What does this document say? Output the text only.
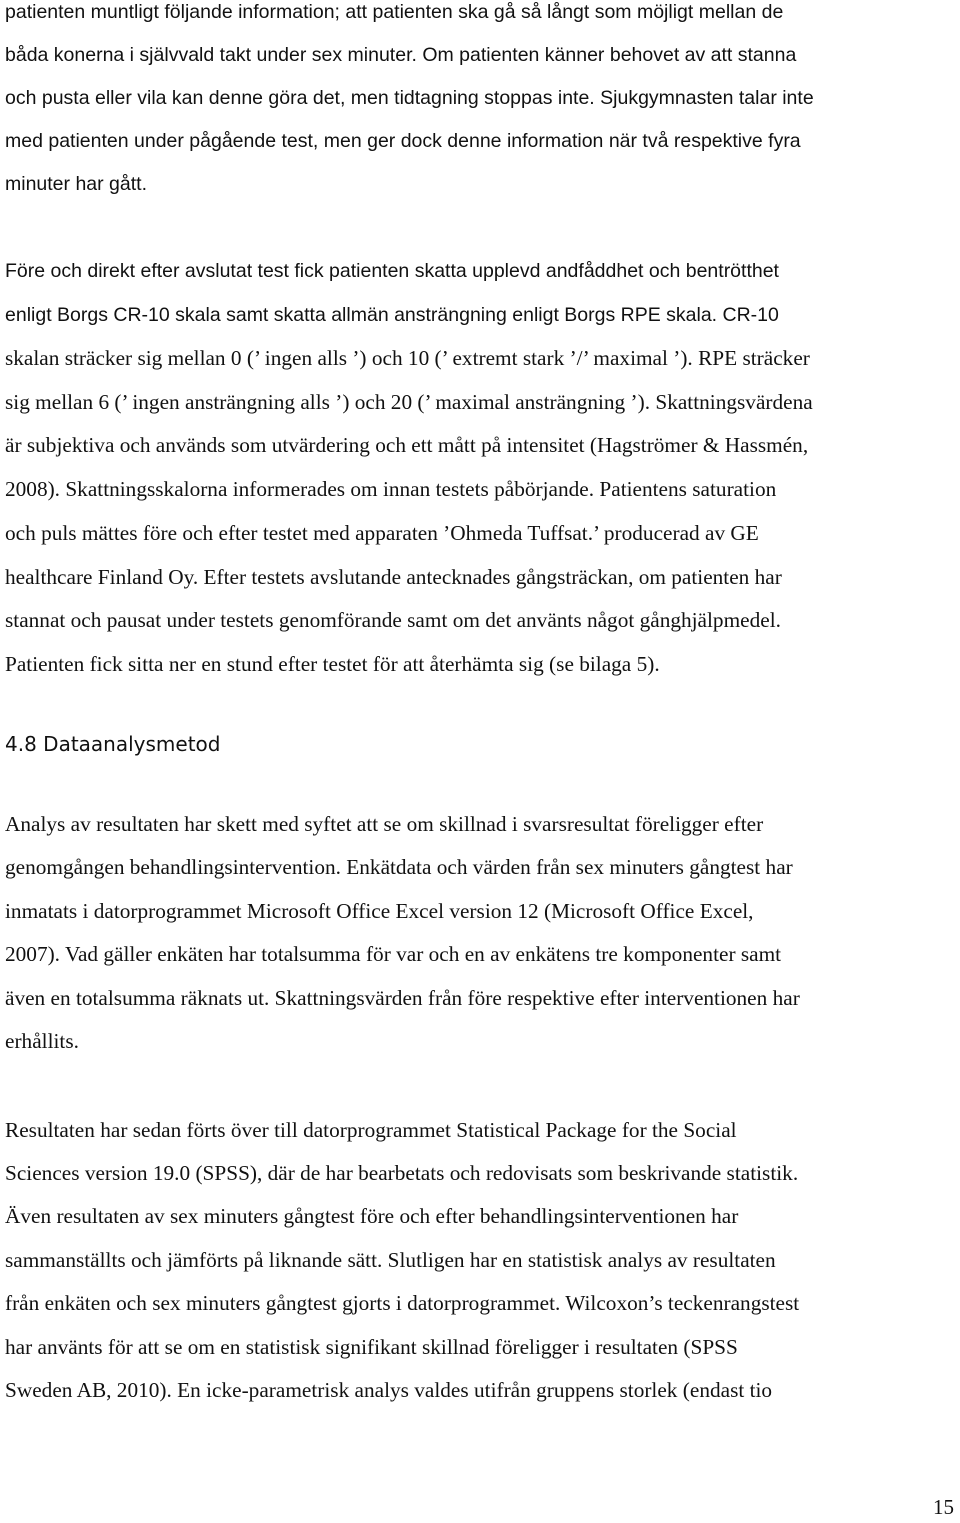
patienten muntligt följande information; att patienten ska gå så långt som möjligt mellan de
båda konerna i självvald takt under sex minuter. Om patienten känner behovet av att stanna
och pusta eller vila kan denne göra det, men tidtagning stoppas inte. Sjukgymnasten talar inte
med patienten under pågående test, men ger dock denne information när två respektive fyra
minuter har gått.
Före och direkt efter avslutat test fick patienten skatta upplevd andfåddhet och bentrötthet
enligt Borgs CR-10 skala samt skatta allmän ansträngning enligt Borgs RPE skala. CR-10
skalan sträcker sig mellan 0 (’ ingen alls ’) och 10 (’ extremt stark ’/’ maximal ’). RPE sträcker
sig mellan 6 (’ ingen ansträngning alls ’) och 20 (’ maximal ansträngning ’). Skattningsvärdena
är subjektiva och används som utvärdering och ett mått på intensitet (Hagströmer & Hassmén,
2008). Skattningsskalorna informerades om innan testets påbörjande. Patientens saturation
och puls mättes före och efter testet med apparaten ’Ohmeda Tuffsat.’ producerad av GE
healthcare Finland Oy. Efter testets avslutande antecknades gångsträckan, om patienten har
stannat och pausat under testets genomförande samt om det använts något gånghjälpmedel.
Patienten fick sitta ner en stund efter testet för att återhämta sig (se bilaga 5).
4.8 Dataanalysmetod
Analys av resultaten har skett med syftet att se om skillnad i svarsresultat föreligger efter
genomgången behandlingsintervention. Enkätdata och värden från sex minuters gångtest har
inmatats i datorprogrammet Microsoft Office Excel version 12 (Microsoft Office Excel,
2007). Vad gäller enkäten har totalsumma för var och en av enkätens tre komponenter samt
även en totalsumma räknats ut. Skattningsvärden från före respektive efter interventionen har
erhållits.
Resultaten har sedan förts över till datorprogrammet Statistical Package for the Social
Sciences version 19.0 (SPSS), där de har bearbetats och redovisats som beskrivande statistik.
Även resultaten av sex minuters gångtest före och efter behandlingsinterventionen har
sammanställts och jämförts på liknande sätt. Slutligen har en statistisk analys av resultaten
från enkäten och sex minuters gångtest gjorts i datorprogrammet. Wilcoxon’s teckenrangstest
har använts för att se om en statistisk signifikant skillnad föreligger i resultaten (SPSS
Sweden AB, 2010). En icke-parametrisk analys valdes utifrån gruppens storlek (endast tio
15
